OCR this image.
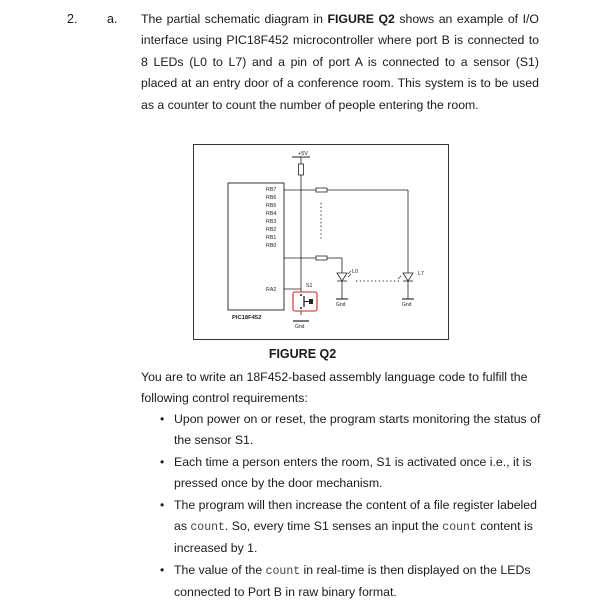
2. a. The partial schematic diagram in FIGURE Q2 shows an example of I/O interface using PIC18F452 microcontroller where port B is connected to 8 LEDs (L0 to L7) and a pin of port A is connected to a sensor (S1) placed at an entry door of a conference room. This system is to be used as a counter to count the number of people entering the room.
+5V
PIC18F452
RB7
RB6
RB5
RB4
RB3
RB2
RB1
RB0
RA2
L0
Gnd
L7
Gnd
S1
Gnd
FIGURE Q2
You are to write an 18F452-based assembly language code to fulfill the following control requirements:
• Upon power on or reset, the program starts monitoring the status of the sensor S1.
• Each time a person enters the room, S1 is activated once i.e., it is pressed once by the door mechanism.
• The program will then increase the content of a file register labeled as count. So, every time S1 senses an input the count content is increased by 1.
• The value of the count in real-time is then displayed on the LEDs connected to Port B in raw binary format.
